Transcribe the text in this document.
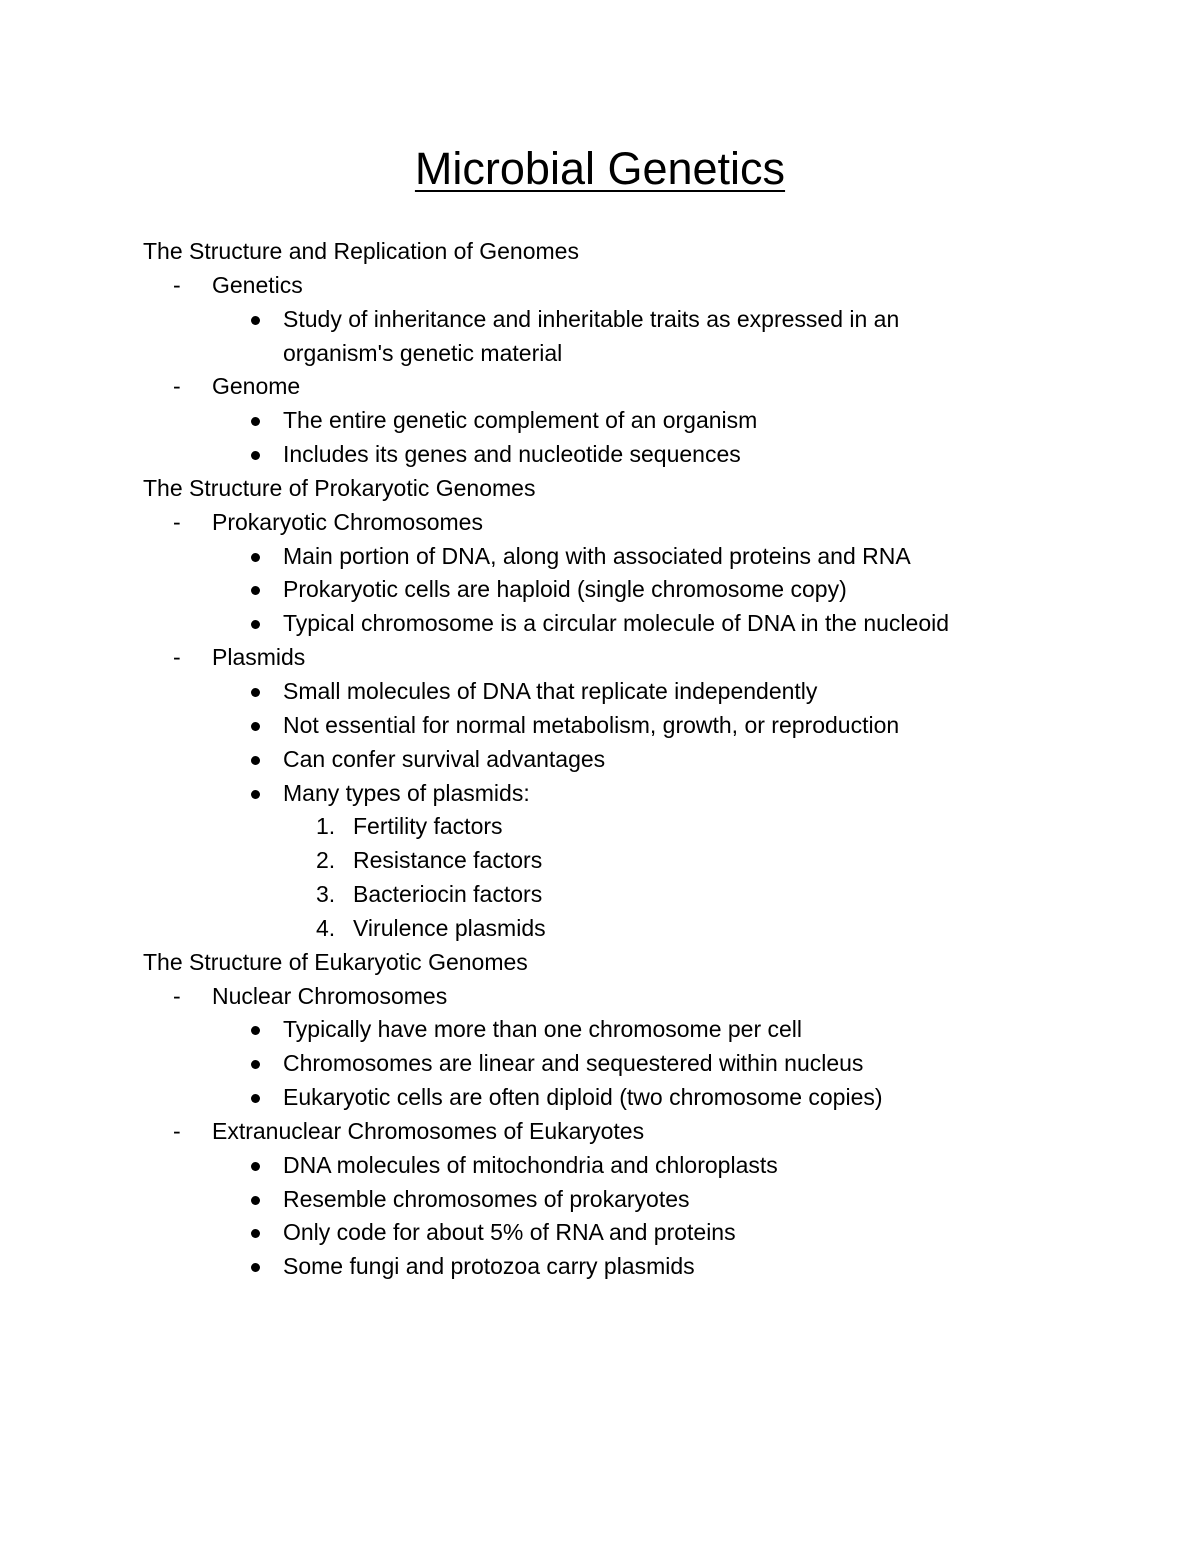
Microbial Genetics
The Structure and Replication of Genomes
- Genetics
Study of inheritance and inheritable traits as expressed in an
organism's genetic material
- Genome
The entire genetic complement of an organism
Includes its genes and nucleotide sequences
The Structure of Prokaryotic Genomes
- Prokaryotic Chromosomes
Main portion of DNA, along with associated proteins and RNA
Prokaryotic cells are haploid (single chromosome copy)
Typical chromosome is a circular molecule of DNA in the nucleoid
- Plasmids
Small molecules of DNA that replicate independently
Not essential for normal metabolism, growth, or reproduction
Can confer survival advantages
Many types of plasmids:
1. Fertility factors
2. Resistance factors
3. Bacteriocin factors
4. Virulence plasmids
The Structure of Eukaryotic Genomes
- Nuclear Chromosomes
Typically have more than one chromosome per cell
Chromosomes are linear and sequestered within nucleus
Eukaryotic cells are often diploid (two chromosome copies)
- Extranuclear Chromosomes of Eukaryotes
DNA molecules of mitochondria and chloroplasts
Resemble chromosomes of prokaryotes
Only code for about 5% of RNA and proteins
Some fungi and protozoa carry plasmids
